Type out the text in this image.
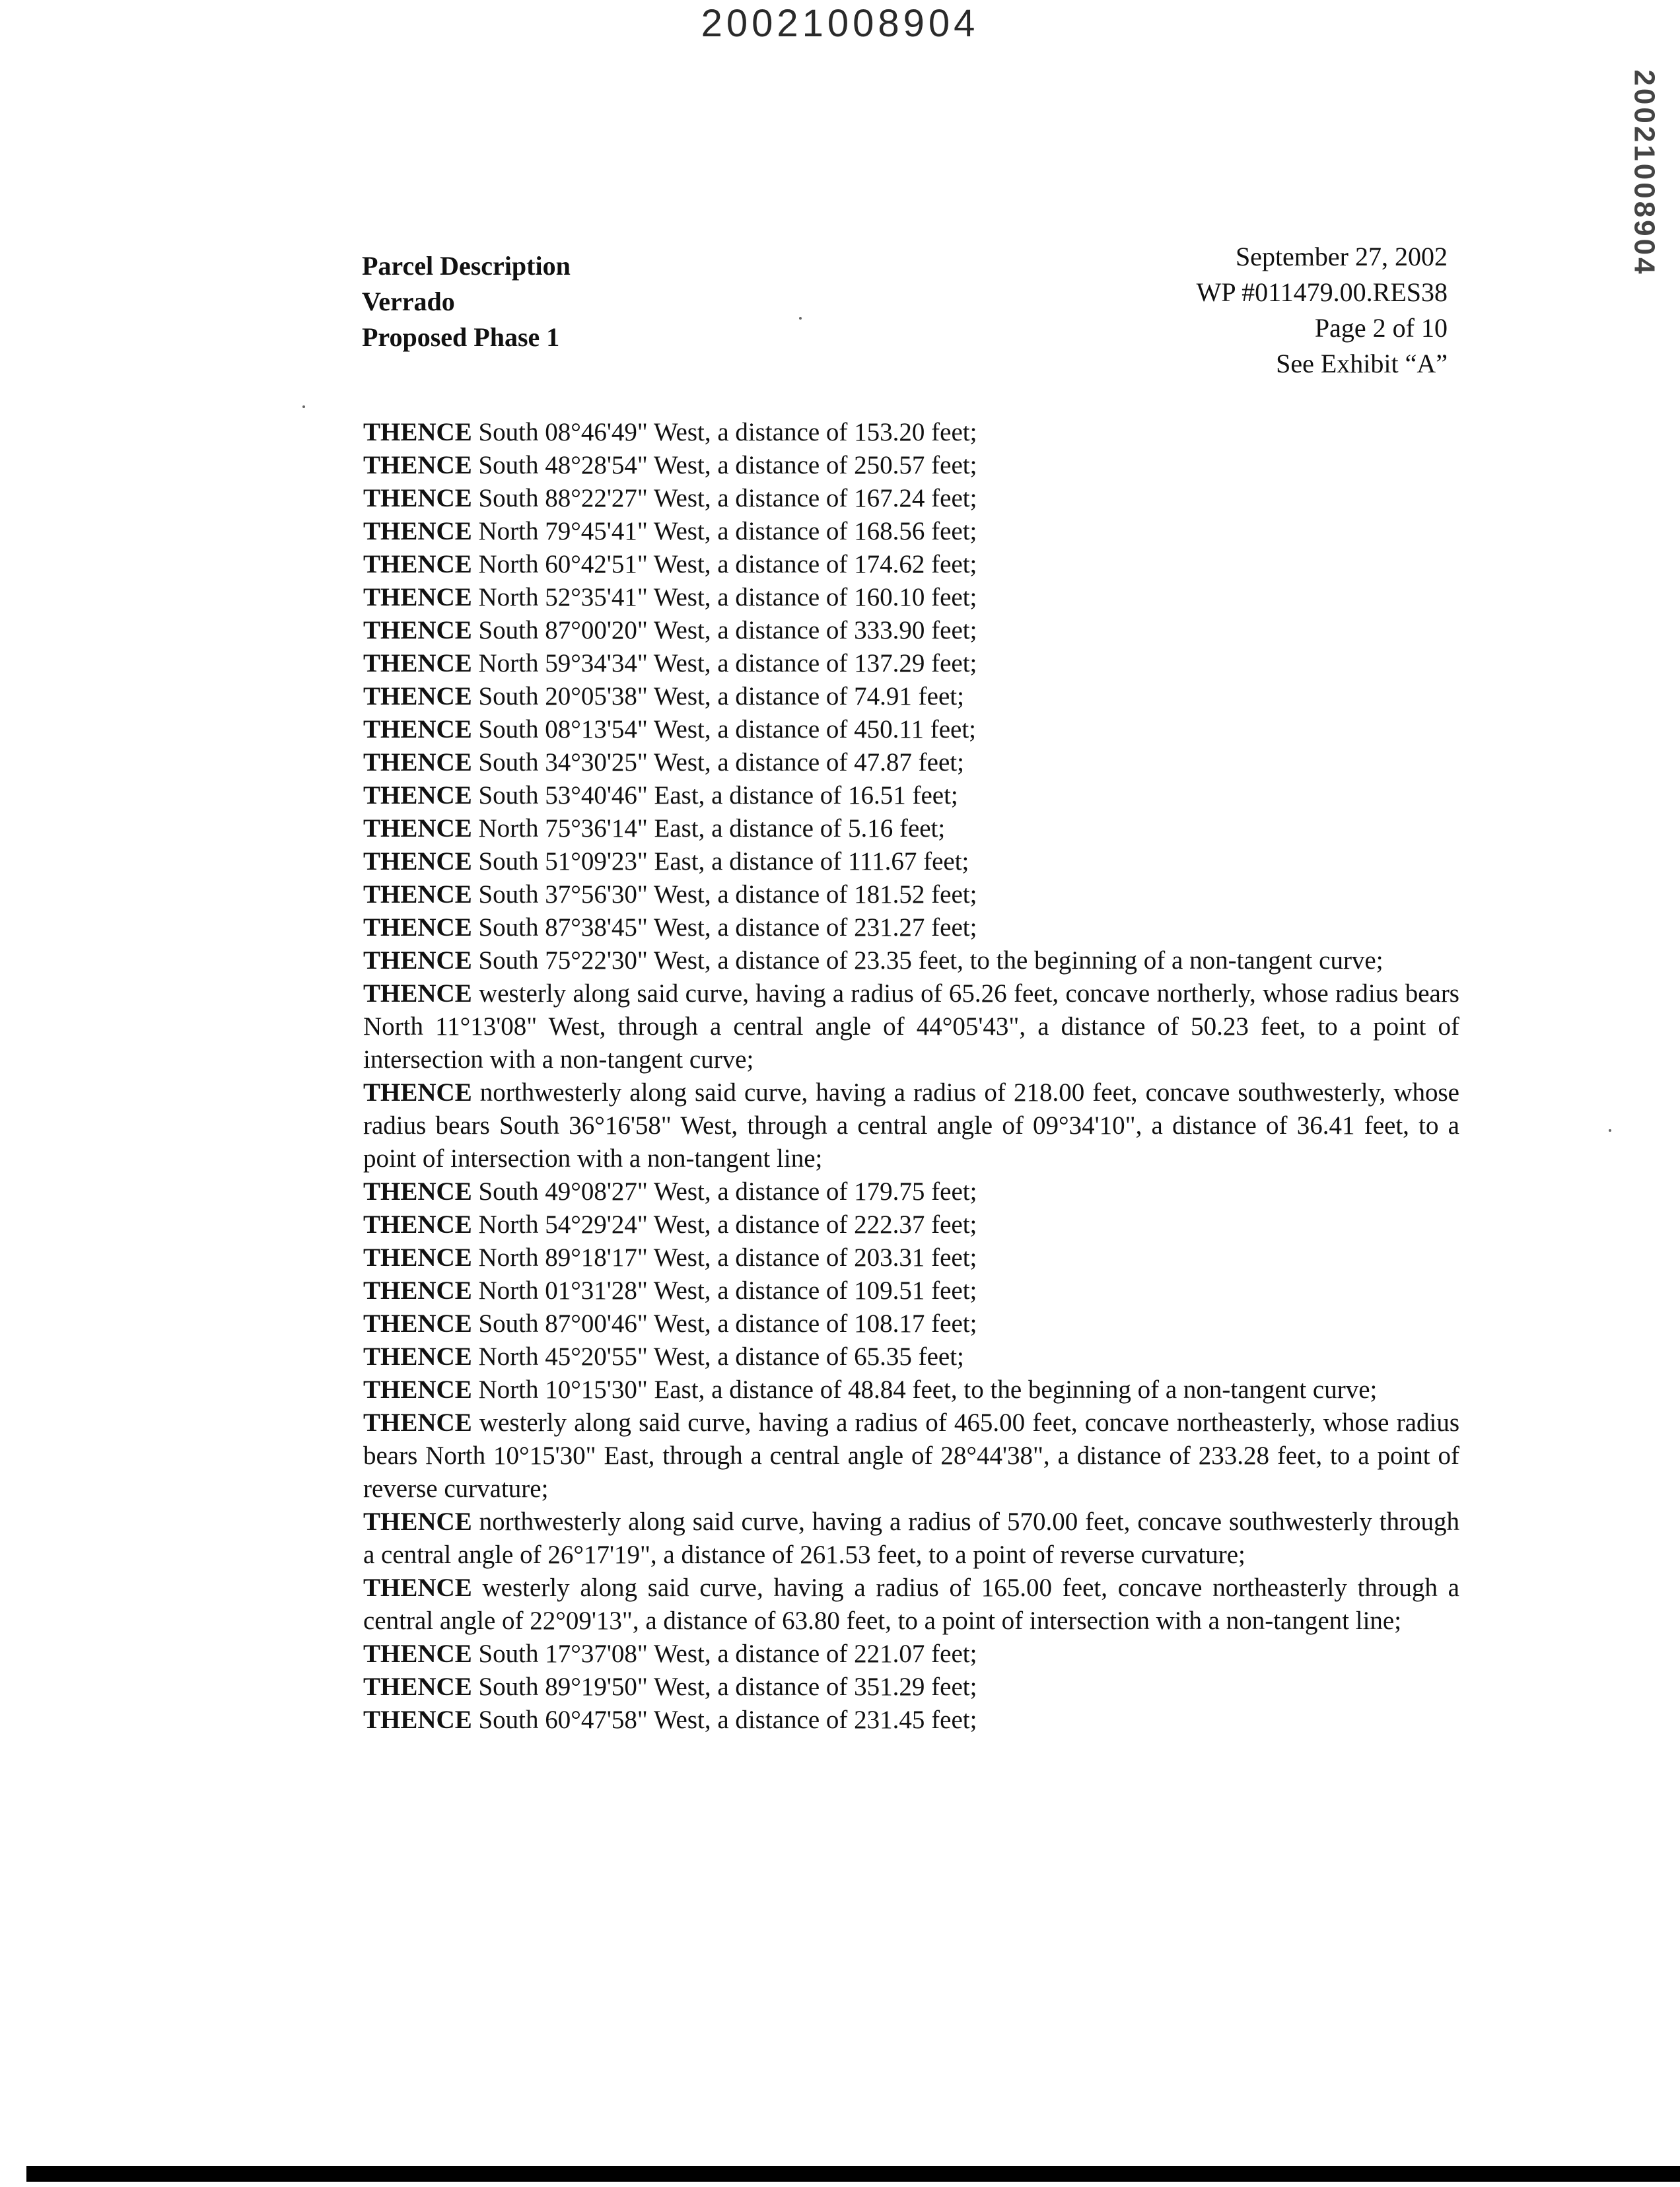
20021008904
20021008904
Parcel Description
Verrado
Proposed Phase 1
September 27, 2002
WP #011479.00.RES38
Page 2 of 10
See Exhibit “A”

THENCE South 08°46'49" West, a distance of 153.20 feet;

THENCE South 48°28'54" West, a distance of 250.57 feet;

THENCE South 88°22'27" West, a distance of 167.24 feet;

THENCE North 79°45'41" West, a distance of 168.56 feet;

THENCE North 60°42'51" West, a distance of 174.62 feet;

THENCE North 52°35'41" West, a distance of 160.10 feet;

THENCE South 87°00'20" West, a distance of 333.90 feet;

THENCE North 59°34'34" West, a distance of 137.29 feet;

THENCE South 20°05'38" West, a distance of 74.91 feet;

THENCE South 08°13'54" West, a distance of 450.11 feet;

THENCE South 34°30'25" West, a distance of 47.87 feet;

THENCE South 53°40'46" East, a distance of 16.51 feet;

THENCE North 75°36'14" East, a distance of 5.16 feet;

THENCE South 51°09'23" East, a distance of 111.67 feet;

THENCE South 37°56'30" West, a distance of 181.52 feet;

THENCE South 87°38'45" West, a distance of 231.27 feet;

THENCE South 75°22'30" West, a distance of 23.35 feet, to the beginning of a non-tangent curve;

THENCE westerly along said curve, having a radius of 65.26 feet, concave northerly, whose radius bears North 11°13'08" West, through a central angle of 44°05'43", a distance of 50.23 feet, to a point of intersection with a non-tangent curve;

THENCE northwesterly along said curve, having a radius of 218.00 feet, concave southwesterly, whose radius bears South 36°16'58" West, through a central angle of 09°34'10", a distance of 36.41 feet, to a point of intersection with a non-tangent line;

THENCE South 49°08'27" West, a distance of 179.75 feet;

THENCE North 54°29'24" West, a distance of 222.37 feet;

THENCE North 89°18'17" West, a distance of 203.31 feet;

THENCE North 01°31'28" West, a distance of 109.51 feet;

THENCE South 87°00'46" West, a distance of 108.17 feet;

THENCE North 45°20'55" West, a distance of 65.35 feet;

THENCE North 10°15'30" East, a distance of 48.84 feet, to the beginning of a non-tangent curve;

THENCE westerly along said curve, having a radius of 465.00 feet, concave northeasterly, whose radius bears North 10°15'30" East, through a central angle of 28°44'38", a distance of 233.28 feet, to a point of reverse curvature;

THENCE northwesterly along said curve, having a radius of 570.00 feet, concave southwesterly through a central angle of 26°17'19", a distance of 261.53 feet, to a point of reverse curvature;

THENCE westerly along said curve, having a radius of 165.00 feet, concave northeasterly through a central angle of 22°09'13", a distance of 63.80 feet, to a point of intersection with a non-tangent line;

THENCE South 17°37'08" West, a distance of 221.07 feet;

THENCE South 89°19'50" West, a distance of 351.29 feet;

THENCE South 60°47'58" West, a distance of 231.45 feet;
